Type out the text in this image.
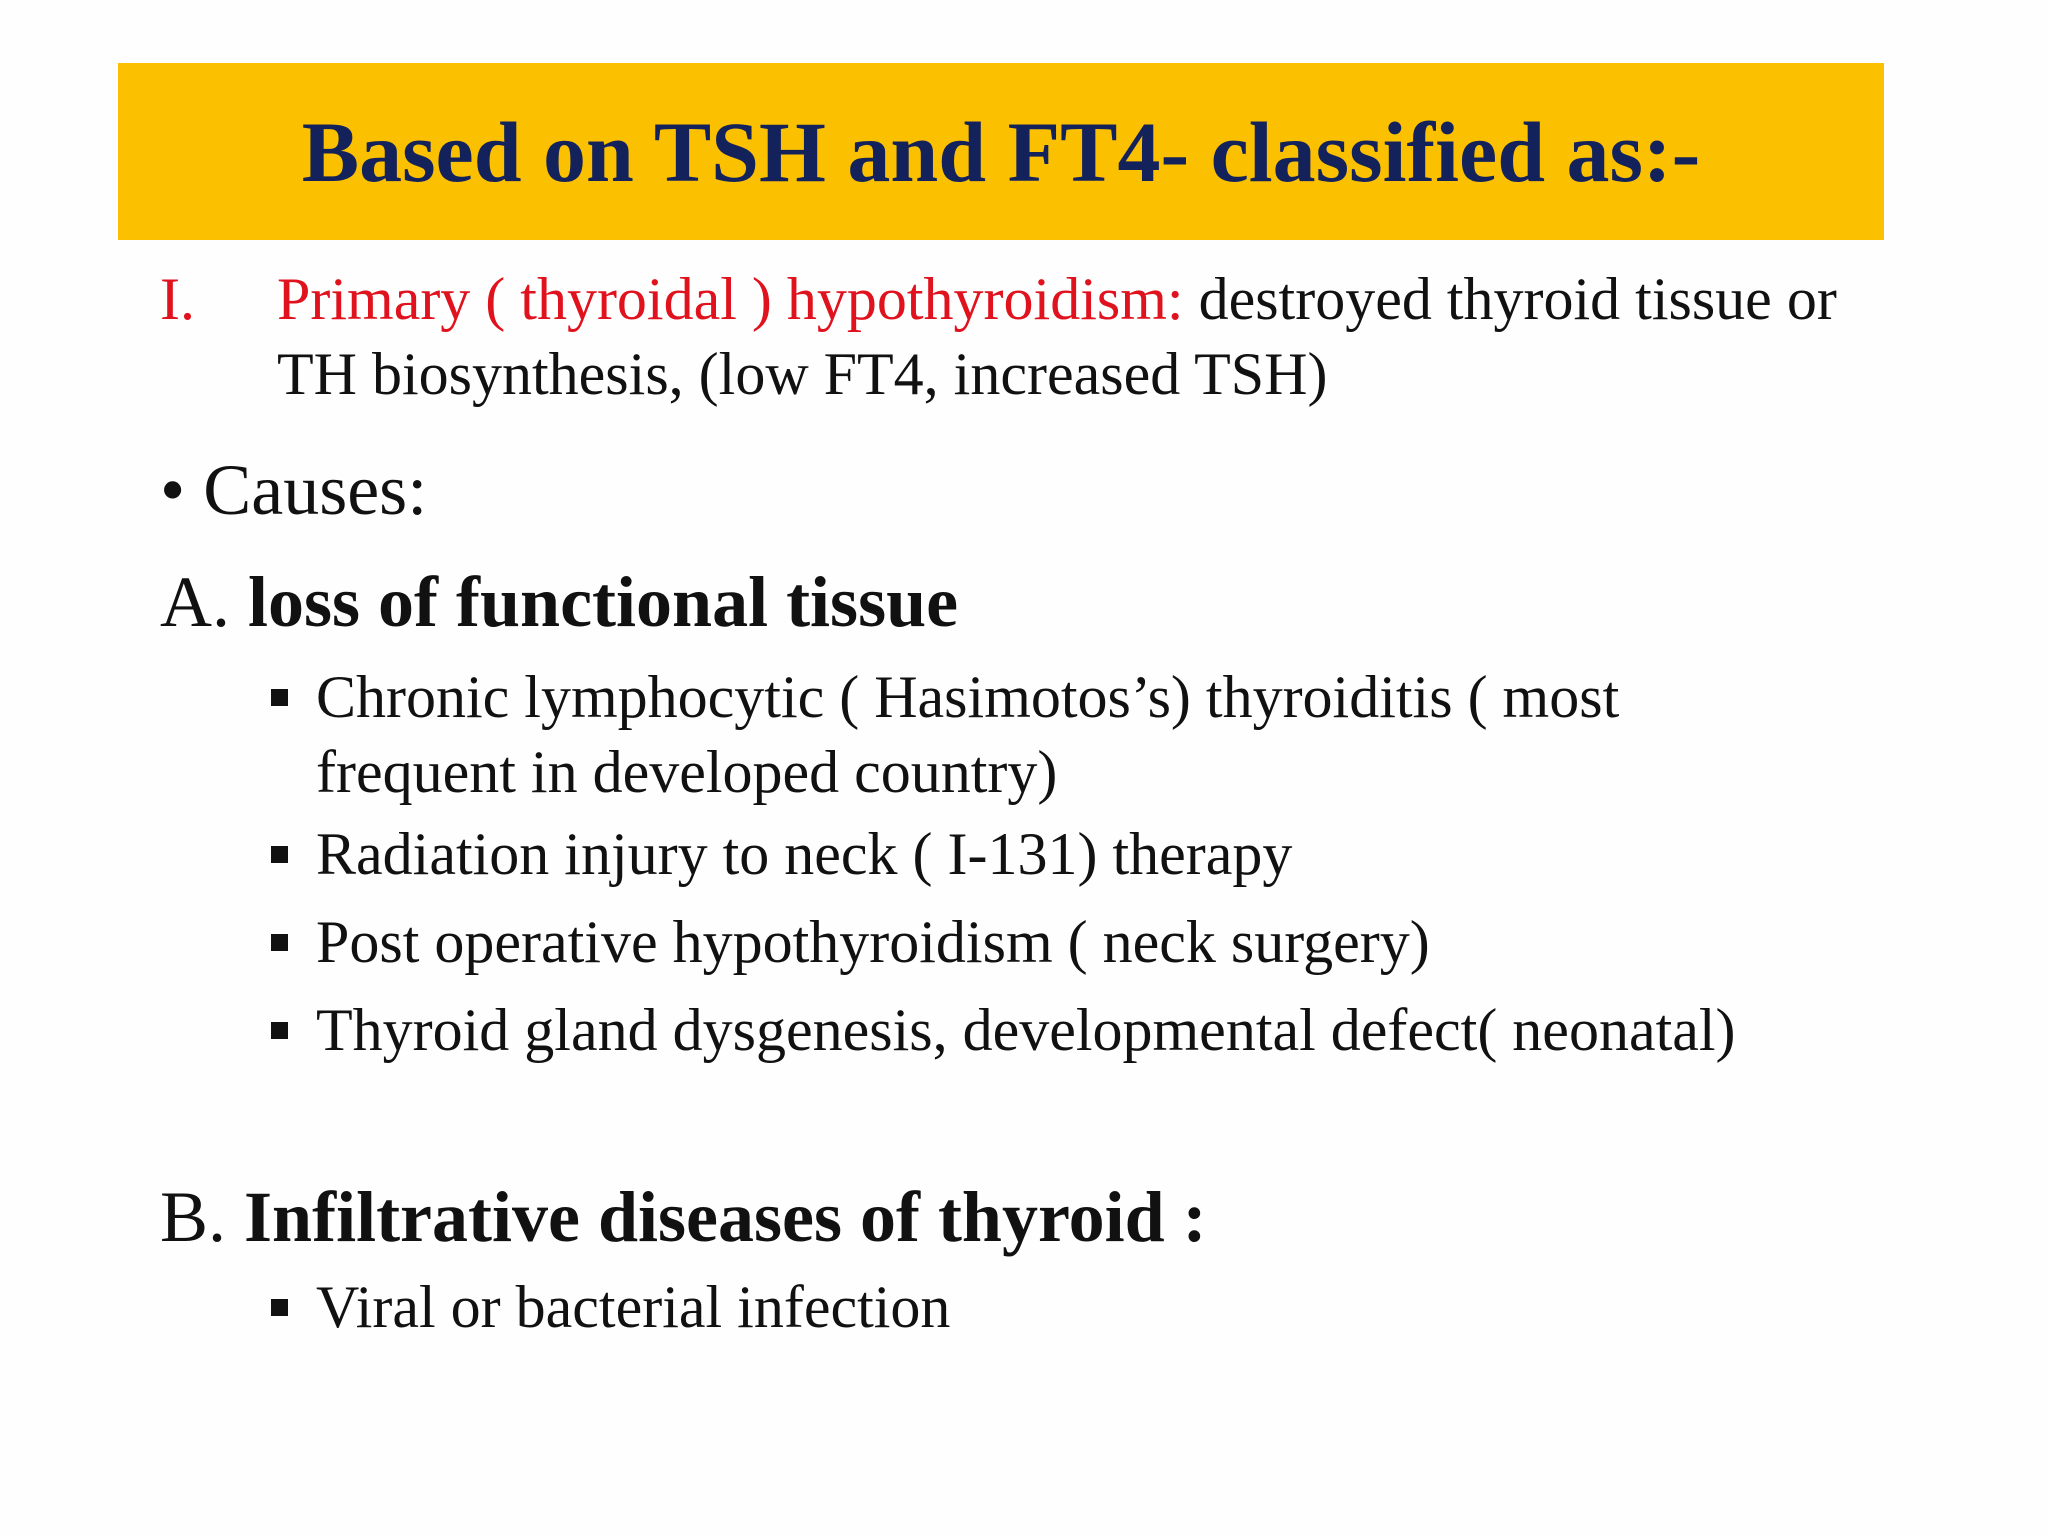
Based on TSH and FT4- classified as:-
I. Primary ( thyroidal ) hypothyroidism: destroyed thyroid tissue or TH biosynthesis, (low FT4, increased TSH)
• Causes:
A. loss of functional tissue
Chronic lymphocytic ( Hasimotos’s) thyroiditis ( most frequent in developed country)
Radiation injury to neck ( I-131) therapy
Post operative hypothyroidism ( neck surgery)
Thyroid gland dysgenesis, developmental defect( neonatal)
B. Infiltrative diseases of thyroid :
Viral or bacterial infection
